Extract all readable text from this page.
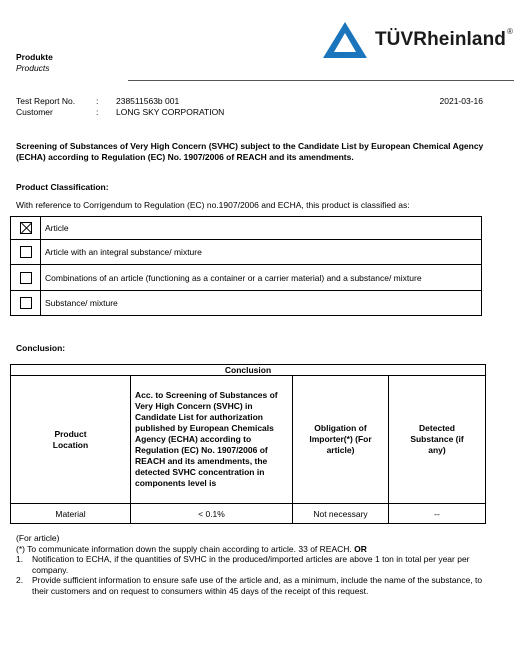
Produkte
Products
TÜVRheinland®
Test Report No.	:	238511563b 001
Customer	:	LONG SKY CORPORATION
2021-03-16
Screening of Substances of Very High Concern (SVHC) subject to the Candidate List by European Chemical Agency (ECHA) according to Regulation (EC) No. 1907/2006 of REACH and its amendments.
Product Classification:
With reference to Corrigendum to Regulation (EC) no.1907/2006 and ECHA, this product is classified as:
Article
Article with an integral substance/ mixture
Combinations of an article (functioning as a container or a carrier material) and a substance/ mixture
Substance/ mixture
Conclusion:
Conclusion			

Product Location	Acc. to Screening of Substances of Very High Concern (SVHC) in Candidate List for authorization published by European Chemicals Agency (ECHA) according to Regulation (EC) No. 1907/2006 of REACH and its amendments, the detected SVHC concentration in components level is	Obligation of Importer(*) (For article)	Detected Substance (if any)

Material	< 0.1%	Not necessary	--
(For article)
(*) To communicate information down the supply chain according to article. 33 of REACH. OR
1.	Notification to ECHA, if the quantities of SVHC in the produced/imported articles are above 1 ton in total per year per company.
2.	Provide sufficient information to ensure safe use of the article and, as a minimum, include the name of the substance, to their customers and on request to consumers within 45 days of the receipt of this request.
